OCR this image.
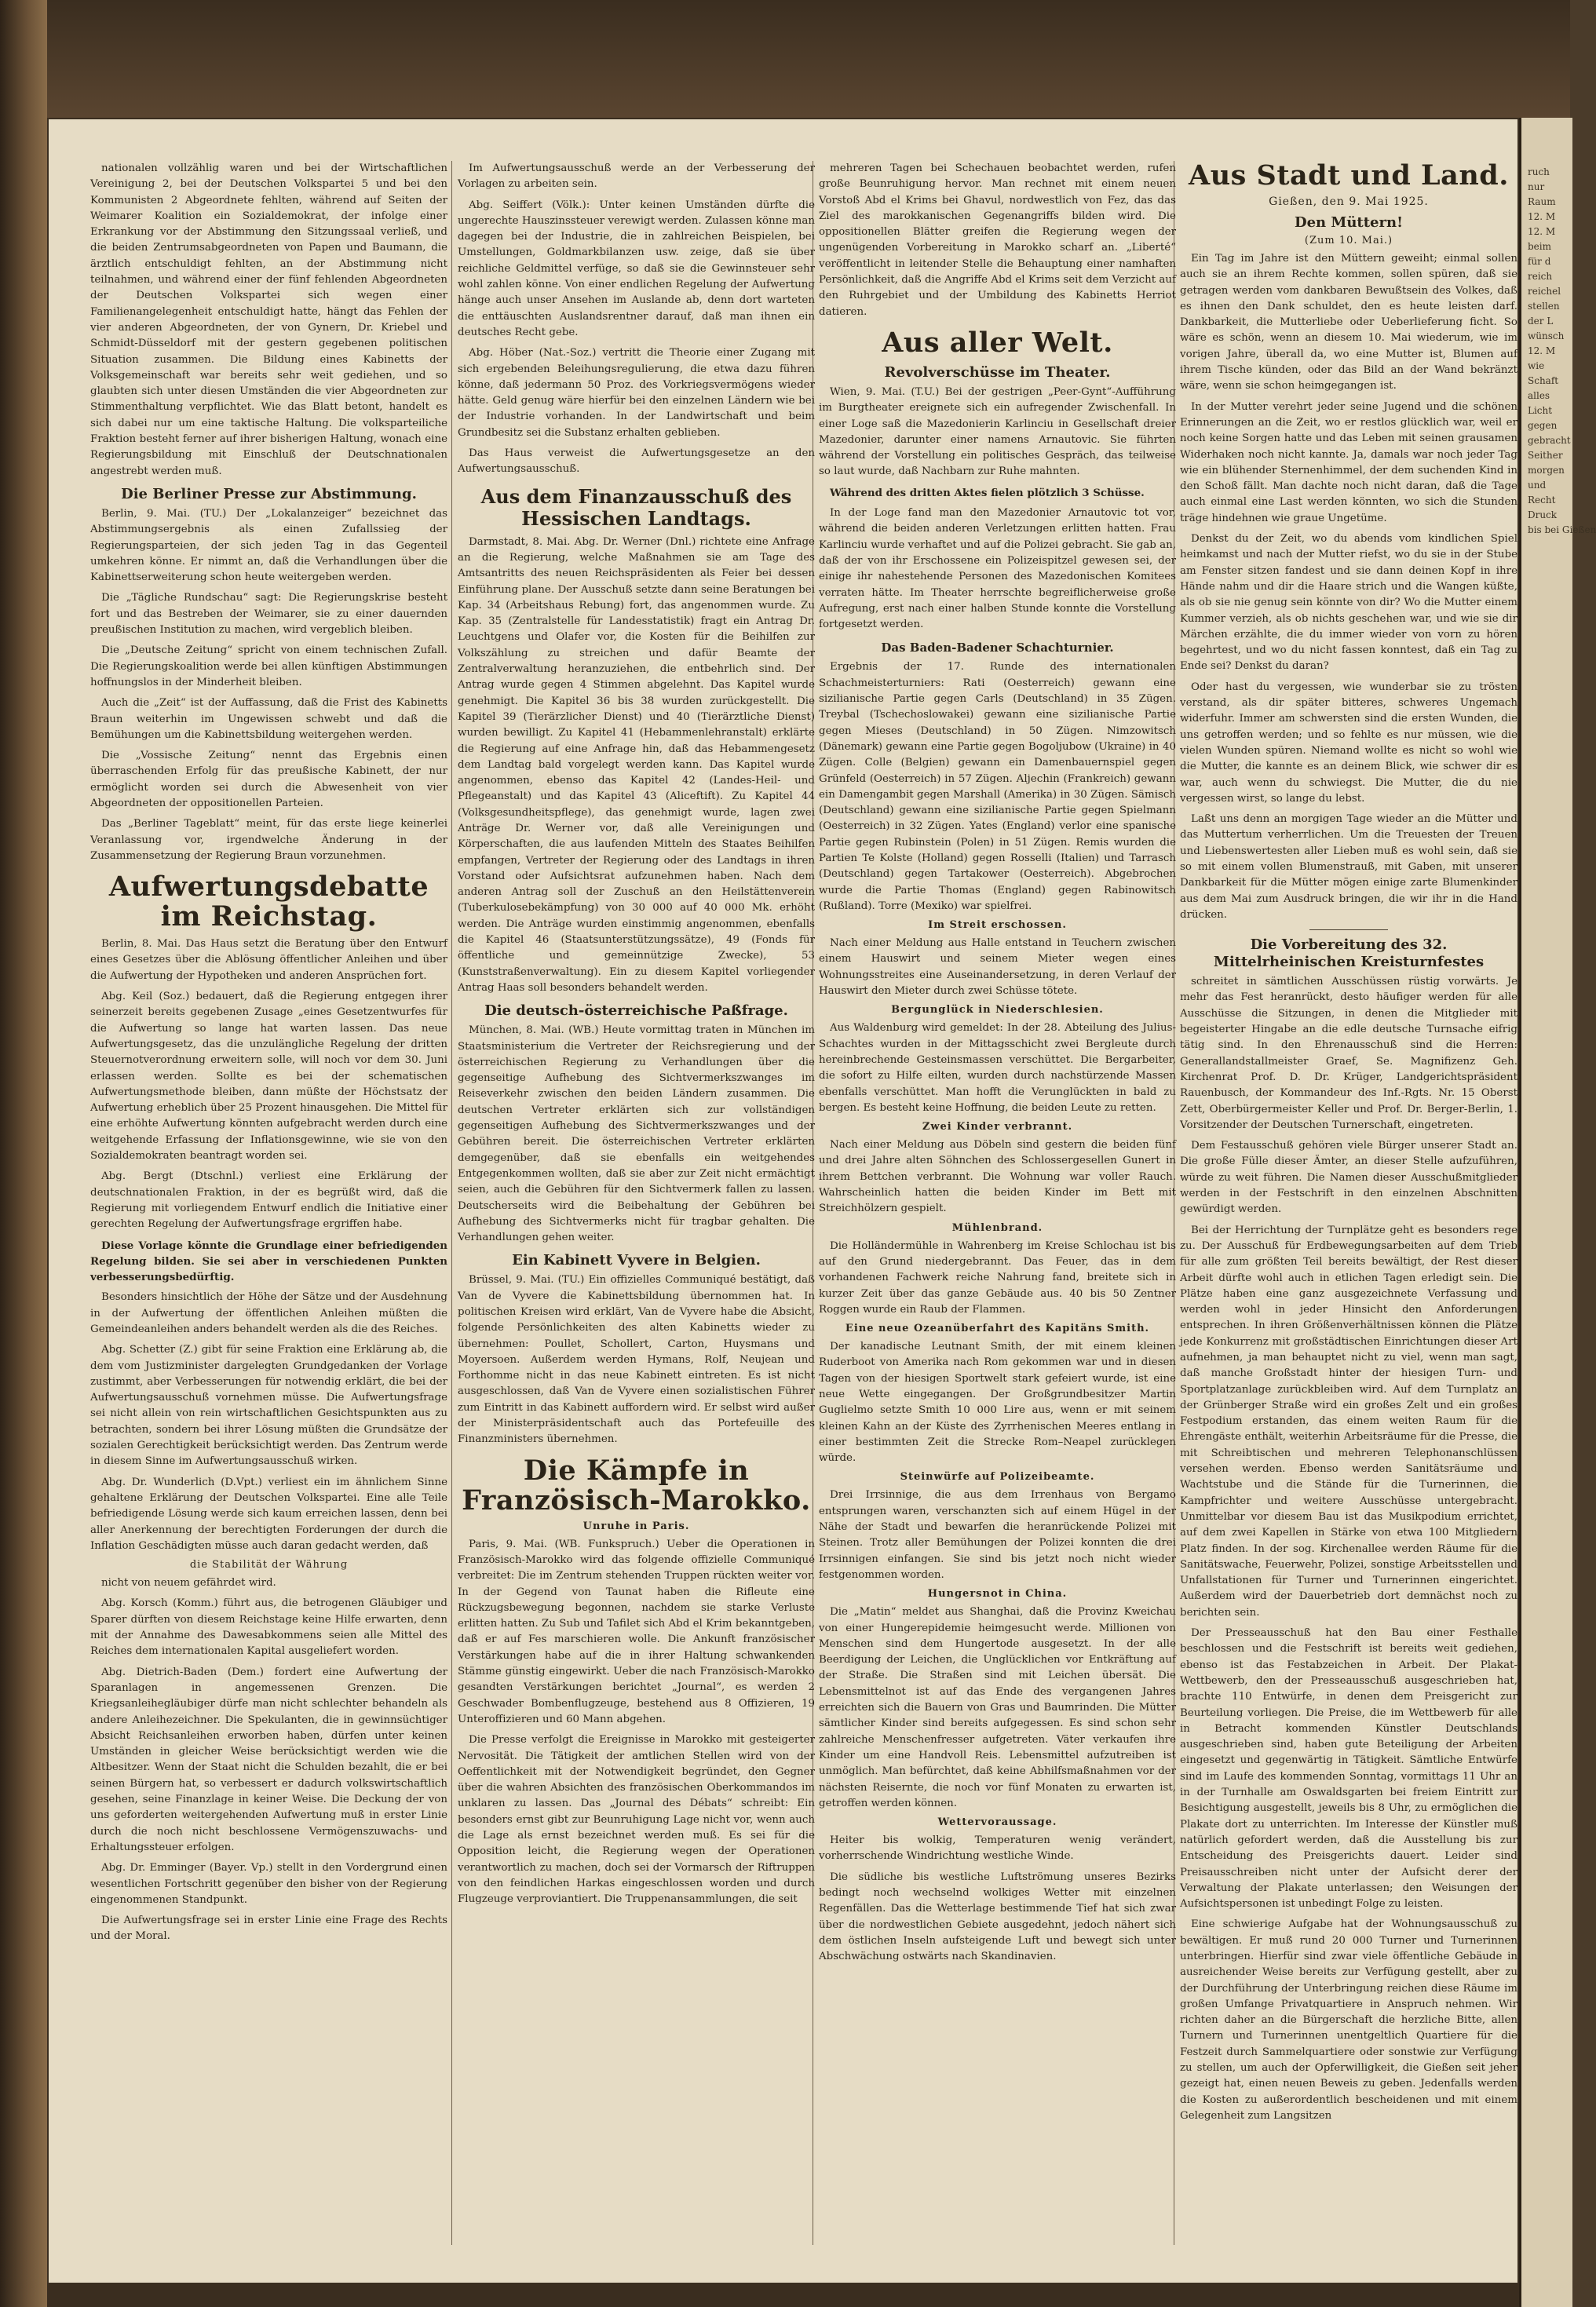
nationalen vollzählig waren und bei der Wirtschaftlichen Vereinigung 2, bei der Deutschen Volkspartei 5 und bei den Kommunisten 2 Abgeordnete fehlten, während auf Seiten der Weimarer Koalition ein Sozialdemokrat, der infolge einer Erkrankung vor der Abstimmung den Sitzungssaal verließ, und die beiden Zentrumsabgeordneten von Papen und Baumann, die ärztlich entschuldigt fehlten, an der Abstimmung nicht teilnahmen, und während einer der fünf fehlenden Abgeordneten der Deutschen Volkspartei sich wegen einer Familienangelegenheit entschuldigt hatte, hängt das Fehlen der vier anderen Abgeordneten, der von Gynern, Dr. Kriebel und Schmidt-Düsseldorf mit der gestern gegebenen politischen Situation zusammen. Die Bildung eines Kabinetts der Volksgemeinschaft war bereits sehr weit gediehen, und so glaubten sich unter diesen Umständen die vier Abgeordneten zur Stimmenthaltung verpflichtet. Wie das Blatt betont, handelt es sich dabei nur um eine taktische Haltung. Die volksparteiliche Fraktion besteht ferner auf ihrer bisherigen Haltung, wonach eine Regierungsbildung mit Einschluß der Deutschnationalen angestrebt werden muß.

Die Berliner Presse zur Abstimmung.

Berlin, 9. Mai. (TU.) Der „Lokalanzeiger“ bezeichnet das Abstimmungsergebnis als einen Zufallssieg der Regierungsparteien, der sich jeden Tag in das Gegenteil umkehren könne. Er nimmt an, daß die Verhandlungen über die Kabinettserweiterung schon heute weitergeben werden.

Die „Tägliche Rundschau“ sagt: Die Regierungskrise besteht fort und das Bestreben der Weimarer, sie zu einer dauernden preußischen Institution zu machen, wird vergeblich bleiben.

Die „Deutsche Zeitung“ spricht von einem technischen Zufall. Die Regierungskoalition werde bei allen künftigen Abstimmungen hoffnungslos in der Minderheit bleiben.

Auch die „Zeit“ ist der Auffassung, daß die Frist des Kabinetts Braun weiterhin im Ungewissen schwebt und daß die Bemühungen um die Kabinettsbildung weitergehen werden.

Die „Vossische Zeitung“ nennt das Ergebnis einen überraschenden Erfolg für das preußische Kabinett, der nur ermöglicht worden sei durch die Abwesenheit von vier Abgeordneten der oppositionellen Parteien.

Das „Berliner Tageblatt“ meint, für das erste liege keinerlei Veranlassung vor, irgendwelche Änderung in der Zusammensetzung der Regierung Braun vorzunehmen.

Aufwertungsdebatte im Reichstag.

Berlin, 8. Mai. Das Haus setzt die Beratung über den Entwurf eines Gesetzes über die Ablösung öffentlicher Anleihen und über die Aufwertung der Hypotheken und anderen Ansprüchen fort.

Abg. Keil (Soz.) bedauert, daß die Regierung entgegen ihrer seinerzeit bereits gegebenen Zusage „eines Gesetzentwurfes für die Aufwertung so lange hat warten lassen. Das neue Aufwertungsgesetz, das die unzulängliche Regelung der dritten Steuernotverordnung erweitern solle, will noch vor dem 30. Juni erlassen werden. Sollte es bei der schematischen Aufwertungsmethode bleiben, dann müßte der Höchstsatz der Aufwertung erheblich über 25 Prozent hinausgehen. Die Mittel für eine erhöhte Aufwertung könnten aufgebracht werden durch eine weitgehende Erfassung der Inflationsgewinne, wie sie von den Sozialdemokraten beantragt worden sei.

Abg. Bergt (Dtschnl.) verliest eine Erklärung der deutschnationalen Fraktion, in der es begrüßt wird, daß die Regierung mit vorliegendem Entwurf endlich die Initiative einer gerechten Regelung der Aufwertungsfrage ergriffen habe.

Diese Vorlage könnte die Grundlage einer befriedigenden Regelung bilden. Sie sei aber in verschiedenen Punkten verbesserungsbedürftig.

Besonders hinsichtlich der Höhe der Sätze und der Ausdehnung in der Aufwertung der öffentlichen Anleihen müßten die Gemeindeanleihen anders behandelt werden als die des Reiches.

Abg. Schetter (Z.) gibt für seine Fraktion eine Erklärung ab, die dem vom Justizminister dargelegten Grundgedanken der Vorlage zustimmt, aber Verbesserungen für notwendig erklärt, die bei der Aufwertungsausschuß vornehmen müsse. Die Aufwertungsfrage sei nicht allein von rein wirtschaftlichen Gesichtspunkten aus zu betrachten, sondern bei ihrer Lösung müßten die Grundsätze der sozialen Gerechtigkeit berücksichtigt werden. Das Zentrum werde in diesem Sinne im Aufwertungsausschuß wirken.

Abg. Dr. Wunderlich (D.Vpt.) verliest ein im ähnlichem Sinne gehaltene Erklärung der Deutschen Volkspartei. Eine alle Teile befriedigende Lösung werde sich kaum erreichen lassen, denn bei aller Anerkennung der berechtigten Forderungen der durch die Inflation Geschädigten müsse auch daran gedacht werden, daß

die Stabilität der Währung

nicht von neuem gefährdet wird.

Abg. Korsch (Komm.) führt aus, die betrogenen Gläubiger und Sparer dürften von diesem Reichstage keine Hilfe erwarten, denn mit der Annahme des Dawesabkommens seien alle Mittel des Reiches dem internationalen Kapital ausgeliefert worden.

Abg. Dietrich-Baden (Dem.) fordert eine Aufwertung der Sparanlagen in angemessenen Grenzen. Die Kriegsanleihegläubiger dürfe man nicht schlechter behandeln als andere Anleihezeichner. Die Spekulanten, die in gewinnsüchtiger Absicht Reichsanleihen erworben haben, dürfen unter keinen Umständen in gleicher Weise berücksichtigt werden wie die Altbesitzer. Wenn der Staat nicht die Schulden bezahlt, die er bei seinen Bürgern hat, so verbessert er dadurch volkswirtschaftlich gesehen, seine Finanzlage in keiner Weise. Die Deckung der von uns geforderten weitergehenden Aufwertung muß in erster Linie durch die noch nicht beschlossene Vermögenszuwachs- und Erhaltungssteuer erfolgen.

Abg. Dr. Emminger (Bayer. Vp.) stellt in den Vordergrund einen wesentlichen Fortschritt gegenüber den bisher von der Regierung eingenommenen Standpunkt.

Die Aufwertungsfrage sei in erster Linie eine Frage des Rechts und der Moral.

Im Aufwertungsausschuß werde an der Verbesserung der Vorlagen zu arbeiten sein.

Abg. Seiffert (Völk.): Unter keinen Umständen dürfte die ungerechte Hauszinssteuer verewigt werden. Zulassen könne man dagegen bei der Industrie, die in zahlreichen Beispielen, bei Umstellungen, Goldmarkbilanzen usw. zeige, daß sie über reichliche Geldmittel verfüge, so daß sie die Gewinnsteuer sehr wohl zahlen könne. Von einer endlichen Regelung der Aufwertung hänge auch unser Ansehen im Auslande ab, denn dort warteten die enttäuschten Auslandsrentner darauf, daß man ihnen ein deutsches Recht gebe.

Abg. Höber (Nat.-Soz.) vertritt die Theorie einer Zugang mit sich ergebenden Beleihungsregulierung, die etwa dazu führen könne, daß jedermann 50 Proz. des Vorkriegsvermögens wieder hätte. Geld genug wäre hierfür bei den einzelnen Ländern wie bei der Industrie vorhanden. In der Landwirtschaft und beim Grundbesitz sei die Substanz erhalten geblieben.

Das Haus verweist die Aufwertungsgesetze an den Aufwertungsausschuß.

Aus dem Finanzausschuß des Hessischen Landtags.

Darmstadt, 8. Mai. Abg. Dr. Werner (Dnl.) richtete eine Anfrage an die Regierung, welche Maßnahmen sie am Tage des Amtsantritts des neuen Reichspräsidenten als Feier bei dessen Einführung plane. Der Ausschuß setzte dann seine Beratungen bei Kap. 34 (Arbeitshaus Rebung) fort, das angenommen wurde. Zu Kap. 35 (Zentralstelle für Landesstatistik) fragt ein Antrag Dr. Leuchtgens und Olafer vor, die Kosten für die Beihilfen zur Volkszählung zu streichen und dafür Beamte der Zentralverwaltung heranzuziehen, die entbehrlich sind. Der Antrag wurde gegen 4 Stimmen abgelehnt. Das Kapitel wurde genehmigt. Die Kapitel 36 bis 38 wurden zurückgestellt. Die Kapitel 39 (Tierärzlicher Dienst) und 40 (Tierärztliche Dienst) wurden bewilligt. Zu Kapitel 41 (Hebammenlehranstalt) erklärte die Regierung auf eine Anfrage hin, daß das Hebammengesetz dem Landtag bald vorgelegt werden kann. Das Kapitel wurde angenommen, ebenso das Kapitel 42 (Landes-Heil- und Pflegeanstalt) und das Kapitel 43 (Aliceftift). Zu Kapitel 44 (Volksgesundheitspflege), das genehmigt wurde, lagen zwei Anträge Dr. Werner vor, daß alle Vereinigungen und Körperschaften, die aus laufenden Mitteln des Staates Beihilfen empfangen, Vertreter der Regierung oder des Landtags in ihren Vorstand oder Aufsichtsrat aufzunehmen haben. Nach dem anderen Antrag soll der Zuschuß an den Heilstättenverein (Tuberkulosebekämpfung) von 30 000 auf 40 000 Mk. erhöht werden. Die Anträge wurden einstimmig angenommen, ebenfalls die Kapitel 46 (Staatsunterstützungssätze), 49 (Fonds für öffentliche und gemeinnützige Zwecke), 53 (Kunststraßenverwaltung). Ein zu diesem Kapitel vorliegender Antrag Haas soll besonders behandelt werden.

Die deutsch-österreichische Paßfrage.

München, 8. Mai. (WB.) Heute vormittag traten in München im Staatsministerium die Vertreter der Reichsregierung und der österreichischen Regierung zu Verhandlungen über die gegenseitige Aufhebung des Sichtvermerkszwanges im Reiseverkehr zwischen den beiden Ländern zusammen. Die deutschen Vertreter erklärten sich zur vollständigen gegenseitigen Aufhebung des Sichtvermerkszwanges und der Gebühren bereit. Die österreichischen Vertreter erklärten demgegenüber, daß sie ebenfalls ein weitgehendes Entgegenkommen wollten, daß sie aber zur Zeit nicht ermächtigt seien, auch die Gebühren für den Sichtvermerk fallen zu lassen. Deutscherseits wird die Beibehaltung der Gebühren bei Aufhebung des Sichtvermerks nicht für tragbar gehalten. Die Verhandlungen gehen weiter.

Ein Kabinett Vyvere in Belgien.

Brüssel, 9. Mai. (TU.) Ein offizielles Communiqué bestätigt, daß Van de Vyvere die Kabinettsbildung übernommen hat. In politischen Kreisen wird erklärt, Van de Vyvere habe die Absicht, folgende Persönlichkeiten des alten Kabinetts wieder zu übernehmen: Poullet, Schollert, Carton, Huysmans und Moyersoen. Außerdem werden Hymans, Rolf, Neujean und Forthomme nicht in das neue Kabinett eintreten. Es ist nicht ausgeschlossen, daß Van de Vyvere einen sozialistischen Führer zum Eintritt in das Kabinett auffordern wird. Er selbst wird außer der Ministerpräsidentschaft auch das Portefeuille des Finanzministers übernehmen.

Die Kämpfe in Französisch-Marokko.
Unruhe in Paris.

Paris, 9. Mai. (WB. Funkspruch.) Ueber die Operationen in Französisch-Marokko wird das folgende offizielle Communiqué verbreitet: Die im Zentrum stehenden Truppen rückten weiter vor. In der Gegend von Taunat haben die Rifleute eine Rückzugsbewegung begonnen, nachdem sie starke Verluste erlitten hatten. Zu Sub und Tafilet sich Abd el Krim bekanntgeben, daß er auf Fes marschieren wolle. Die Ankunft französischer Verstärkungen habe auf die in ihrer Haltung schwankenden Stämme günstig eingewirkt. Ueber die nach Französisch-Marokko gesandten Verstärkungen berichtet „Journal“, es werden 2 Geschwader Bombenflugzeuge, bestehend aus 8 Offizieren, 19 Unteroffizieren und 60 Mann abgehen.

Die Presse verfolgt die Ereignisse in Marokko mit gesteigerter Nervosität. Die Tätigkeit der amtlichen Stellen wird von der Oeffentlichkeit mit der Notwendigkeit begründet, den Gegner über die wahren Absichten des französischen Oberkommandos im unklaren zu lassen. Das „Journal des Débats“ schreibt: Ein besonders ernst gibt zur Beunruhigung Lage nicht vor, wenn auch die Lage als ernst bezeichnet werden muß. Es sei für die Opposition leicht, die Regierung wegen der Operationen verantwortlich zu machen, doch sei der Vormarsch der Riftruppen von den feindlichen Harkas eingeschlossen worden und durch Flugzeuge verproviantiert. Die Truppenansammlungen, die seit

mehreren Tagen bei Schechauen beobachtet werden, rufen große Beunruhigung hervor. Man rechnet mit einem neuen Vorstoß Abd el Krims bei Ghavul, nordwestlich von Fez, das das Ziel des marokkanischen Gegenangriffs bilden wird. Die oppositionellen Blätter greifen die Regierung wegen der ungenügenden Vorbereitung in Marokko scharf an. „Liberté“ veröffentlicht in leitender Stelle die Behauptung einer namhaften Persönlichkeit, daß die Angriffe Abd el Krims seit dem Verzicht auf den Ruhrgebiet und der Umbildung des Kabinetts Herriot datieren.

Aus aller Welt.
Revolverschüsse im Theater.

Wien, 9. Mai. (T.U.) Bei der gestrigen „Peer-Gynt“-Aufführung im Burgtheater ereignete sich ein aufregender Zwischenfall. In einer Loge saß die Mazedonierin Karlinciu in Gesellschaft dreier Mazedonier, darunter einer namens Arnautovic. Sie führten während der Vorstellung ein politisches Gespräch, das teilweise so laut wurde, daß Nachbarn zur Ruhe mahnten.

Während des dritten Aktes fielen plötzlich 3 Schüsse.

In der Loge fand man den Mazedonier Arnautovic tot vor, während die beiden anderen Verletzungen erlitten hatten. Frau Karlinciu wurde verhaftet und auf die Polizei gebracht. Sie gab an, daß der von ihr Erschossene ein Polizeispitzel gewesen sei, der einige ihr nahestehende Personen des Mazedonischen Komitees verraten hätte. Im Theater herrschte begreiflicherweise große Aufregung, erst nach einer halben Stunde konnte die Vorstellung fortgesetzt werden.

Das Baden-Badener Schachturnier.

Ergebnis der 17. Runde des internationalen Schachmeisterturniers: Rati (Oesterreich) gewann eine sizilianische Partie gegen Carls (Deutschland) in 35 Zügen. Treybal (Tschechoslowakei) gewann eine sizilianische Partie gegen Mieses (Deutschland) in 50 Zügen. Nimzowitsch (Dänemark) gewann eine Partie gegen Bogoljubow (Ukraine) in 40 Zügen. Colle (Belgien) gewann ein Damenbauernspiel gegen Grünfeld (Oesterreich) in 57 Zügen. Aljechin (Frankreich) gewann ein Damengambit gegen Marshall (Amerika) in 30 Zügen. Sämisch (Deutschland) gewann eine sizilianische Partie gegen Spielmann (Oesterreich) in 32 Zügen. Yates (England) verlor eine spanische Partie gegen Rubinstein (Polen) in 51 Zügen. Remis wurden die Partien Te Kolste (Holland) gegen Rosselli (Italien) und Tarrasch (Deutschland) gegen Tartakower (Oesterreich). Abgebrochen wurde die Partie Thomas (England) gegen Rabinowitsch (Rußland). Torre (Mexiko) war spielfrei.

Im Streit erschossen.

Nach einer Meldung aus Halle entstand in Teuchern zwischen einem Hauswirt und seinem Mieter wegen eines Wohnungsstreites eine Auseinandersetzung, in deren Verlauf der Hauswirt den Mieter durch zwei Schüsse tötete.

Bergunglück in Niederschlesien.

Aus Waldenburg wird gemeldet: In der 28. Abteilung des Julius-Schachtes wurden in der Mittagsschicht zwei Bergleute durch hereinbrechende Gesteinsmassen verschüttet. Die Bergarbeiter, die sofort zu Hilfe eilten, wurden durch nachstürzende Massen ebenfalls verschüttet. Man hofft die Verunglückten in bald zu bergen. Es besteht keine Hoffnung, die beiden Leute zu retten.

Zwei Kinder verbrannt.

Nach einer Meldung aus Döbeln sind gestern die beiden fünf und drei Jahre alten Söhnchen des Schlossergesellen Gunert in ihrem Bettchen verbrannt. Die Wohnung war voller Rauch. Wahrscheinlich hatten die beiden Kinder im Bett mit Streichhölzern gespielt.

Mühlenbrand.

Die Holländermühle in Wahrenberg im Kreise Schlochau ist bis auf den Grund niedergebrannt. Das Feuer, das in dem vorhandenen Fachwerk reiche Nahrung fand, breitete sich in kurzer Zeit über das ganze Gebäude aus. 40 bis 50 Zentner Roggen wurde ein Raub der Flammen.

Eine neue Ozeanüberfahrt des Kapitäns Smith.

Der kanadische Leutnant Smith, der mit einem kleinen Ruderboot von Amerika nach Rom gekommen war und in diesen Tagen von der hiesigen Sportwelt stark gefeiert wurde, ist eine neue Wette eingegangen. Der Großgrundbesitzer Martin Guglielmo setzte Smith 10 000 Lire aus, wenn er mit seinem kleinen Kahn an der Küste des Zyrrhenischen Meeres entlang in einer bestimmten Zeit die Strecke Rom–Neapel zurücklegen würde.

Steinwürfe auf Polizeibeamte.

Drei Irrsinnige, die aus dem Irrenhaus von Bergamo entsprungen waren, verschanzten sich auf einem Hügel in der Nähe der Stadt und bewarfen die heranrückende Polizei mit Steinen. Trotz aller Bemühungen der Polizei konnten die drei Irrsinnigen einfangen. Sie sind bis jetzt noch nicht wieder festgenommen worden.

Hungersnot in China.

Die „Matin“ meldet aus Shanghai, daß die Provinz Kweichau von einer Hungerepidemie heimgesucht werde. Millionen von Menschen sind dem Hungertode ausgesetzt. In der alle Beerdigung der Leichen, die Unglücklichen vor Entkräftung auf der Straße. Die Straßen sind mit Leichen übersät. Die Lebensmittelnot ist auf das Ende des vergangenen Jahres erreichten sich die Bauern von Gras und Baumrinden. Die Mütter sämtlicher Kinder sind bereits aufgegessen. Es sind schon sehr zahlreiche Menschenfresser aufgetreten. Väter verkaufen ihre Kinder um eine Handvoll Reis. Lebensmittel aufzutreiben ist unmöglich. Man befürchtet, daß keine Abhilfsmaßnahmen vor der nächsten Reisernte, die noch vor fünf Monaten zu erwarten ist, getroffen werden können.

Wettervoraussage.

Heiter bis wolkig, Temperaturen wenig verändert, vorherrschende Windrichtung westliche Winde.

Die südliche bis westliche Luftströmung unseres Bezirks bedingt noch wechselnd wolkiges Wetter mit einzelnen Regenfällen. Das die Wetterlage bestimmende Tief hat sich zwar über die nordwestlichen Gebiete ausgedehnt, jedoch nähert sich dem östlichen Inseln aufsteigende Luft und bewegt sich unter Abschwächung ostwärts nach Skandinavien.

Aus Stadt und Land.
Gießen, den 9. Mai 1925.
Den Müttern!
(Zum 10. Mai.)

Ein Tag im Jahre ist den Müttern geweiht; einmal sollen auch sie an ihrem Rechte kommen, sollen spüren, daß sie getragen werden vom dankbaren Bewußtsein des Volkes, daß es ihnen den Dank schuldet, den es heute leisten darf. Dankbarkeit, die Mutterliebe oder Ueberlieferung ficht. So wäre es schön, wenn an diesem 10. Mai wiederum, wie im vorigen Jahre, überall da, wo eine Mutter ist, Blumen auf ihrem Tische künden, oder das Bild an der Wand bekränzt wäre, wenn sie schon heimgegangen ist.

In der Mutter verehrt jeder seine Jugend und die schönen Erinnerungen an die Zeit, wo er restlos glücklich war, weil er noch keine Sorgen hatte und das Leben mit seinen grausamen Widerhaken noch nicht kannte. Ja, damals war noch jeder Tag wie ein blühender Sternenhimmel, der dem suchenden Kind in den Schoß fällt. Man dachte noch nicht daran, daß die Tage auch einmal eine Last werden könnten, wo sich die Stunden träge hindehnen wie graue Ungetüme.

Denkst du der Zeit, wo du abends vom kindlichen Spiel heimkamst und nach der Mutter riefst, wo du sie in der Stube am Fenster sitzen fandest und sie dann deinen Kopf in ihre Hände nahm und dir die Haare strich und die Wangen küßte, als ob sie nie genug sein könnte von dir? Wo die Mutter einem Kummer verzieh, als ob nichts geschehen war, und wie sie dir Märchen erzählte, die du immer wieder von vorn zu hören begehrtest, und wo du nicht fassen konntest, daß ein Tag zu Ende sei? Denkst du daran?

Oder hast du vergessen, wie wunderbar sie zu trösten verstand, als dir später bitteres, schweres Ungemach widerfuhr. Immer am schwersten sind die ersten Wunden, die uns getroffen werden; und so fehlte es nur müssen, wie die vielen Wunden spüren. Niemand wollte es nicht so wohl wie die Mutter, die kannte es an deinem Blick, wie schwer dir es war, auch wenn du schwiegst. Die Mutter, die du nie vergessen wirst, so lange du lebst.

Laßt uns denn an morgigen Tage wieder an die Mütter und das Muttertum verherrlichen. Um die Treuesten der Treuen und Liebenswertesten aller Lieben muß es wohl sein, daß sie so mit einem vollen Blumenstrauß, mit Gaben, mit unserer Dankbarkeit für die Mütter mögen einige zarte Blumenkinder aus dem Mai zum Ausdruck bringen, die wir ihr in die Hand drücken.

Die Vorbereitung des 32. Mittelrheinischen Kreisturnfestes

schreitet in sämtlichen Ausschüssen rüstig vorwärts. Je mehr das Fest heranrückt, desto häufiger werden für alle Ausschüsse die Sitzungen, in denen die Mitglieder mit begeisterter Hingabe an die edle deutsche Turnsache eifrig tätig sind. In den Ehrenausschuß sind die Herren: Generallandstallmeister Graef, Se. Magnifizenz Geh. Kirchenrat Prof. D. Dr. Krüger, Landgerichtspräsident Rauenbusch, der Kommandeur des Inf.-Rgts. Nr. 15 Oberst Zett, Oberbürgermeister Keller und Prof. Dr. Berger-Berlin, 1. Vorsitzender der Deutschen Turnerschaft, eingetreten.

Dem Festausschuß gehören viele Bürger unserer Stadt an. Die große Fülle dieser Ämter, an dieser Stelle aufzuführen, würde zu weit führen. Die Namen dieser Ausschußmitglieder werden in der Festschrift in den einzelnen Abschnitten gewürdigt werden.

Bei der Herrichtung der Turnplätze geht es besonders rege zu. Der Ausschuß für Erdbewegungsarbeiten auf dem Trieb für alle zum größten Teil bereits bewältigt, der Rest dieser Arbeit dürfte wohl auch in etlichen Tagen erledigt sein. Die Plätze haben eine ganz ausgezeichnete Verfassung und werden wohl in jeder Hinsicht den Anforderungen entsprechen. In ihren Größenverhältnissen können die Plätze jede Konkurrenz mit großstädtischen Einrichtungen dieser Art aufnehmen, ja man behauptet nicht zu viel, wenn man sagt, daß manche Großstadt hinter der hiesigen Turn- und Sportplatzanlage zurückbleiben wird. Auf dem Turnplatz an der Grünberger Straße wird ein großes Zelt und ein großes Festpodium erstanden, das einem weiten Raum für die Ehrengäste enthält, weiterhin Arbeitsräume für die Presse, die mit Schreibtischen und mehreren Telephonanschlüssen versehen werden. Ebenso werden Sanitätsräume und Wachtstube und die Stände für die Turnerinnen, die Kampfrichter und weitere Ausschüsse untergebracht. Unmittelbar vor diesem Bau ist das Musikpodium errichtet, auf dem zwei Kapellen in Stärke von etwa 100 Mitgliedern Platz finden. In der sog. Kirchenallee werden Räume für die Sanitätswache, Feuerwehr, Polizei, sonstige Arbeitsstellen und Unfallstationen für Turner und Turnerinnen eingerichtet. Außerdem wird der Dauerbetrieb dort demnächst noch zu berichten sein.

Der Presseausschuß hat den Bau einer Festhalle beschlossen und die Festschrift ist bereits weit gediehen, ebenso ist das Festabzeichen in Arbeit. Der Plakat-Wettbewerb, den der Presseausschuß ausgeschrieben hat, brachte 110 Entwürfe, in denen dem Preisgericht zur Beurteilung vorliegen. Die Preise, die im Wettbewerb für alle in Betracht kommenden Künstler Deutschlands ausgeschrieben sind, haben gute Beteiligung der Arbeiten eingesetzt und gegenwärtig in Tätigkeit. Sämtliche Entwürfe sind im Laufe des kommenden Sonntag, vormittags 11 Uhr an in der Turnhalle am Oswaldsgarten bei freiem Eintritt zur Besichtigung ausgestellt, jeweils bis 8 Uhr, zu ermöglichen die Plakate dort zu unterrichten. Im Interesse der Künstler muß natürlich gefordert werden, daß die Ausstellung bis zur Entscheidung des Preisgerichts dauert. Leider sind Preisausschreiben nicht unter der Aufsicht derer der Verwaltung der Plakate unterlassen; den Weisungen der Aufsichtspersonen ist unbedingt Folge zu leisten.

Eine schwierige Aufgabe hat der Wohnungsausschuß zu bewältigen. Er muß rund 20 000 Turner und Turnerinnen unterbringen. Hierfür sind zwar viele öffentliche Gebäude in ausreichender Weise bereits zur Verfügung gestellt, aber zu der Durchführung der Unterbringung reichen diese Räume im großen Umfange Privatquartiere in Anspruch nehmen. Wir richten daher an die Bürgerschaft die herzliche Bitte, allen Turnern und Turnerinnen unentgeltlich Quartiere für die Festzeit durch Sammelquartiere oder sonstwie zur Verfügung zu stellen, um auch der Opferwilligkeit, die Gießen seit jeher gezeigt hat, einen neuen Beweis zu geben. Jedenfalls werden die Kosten zu außerordentlich bescheidenen und mit einem Gelegenheit zum Langsitzen

ruch
nur
Raum
12. M
12. M
beim
für d
reich
reichel
stellen
der L
wünsch
12. M
wie
Schaft
alles
Licht
gegen
gebracht
Seither
morgen
und
Recht
Druck
bis bei Gießen
